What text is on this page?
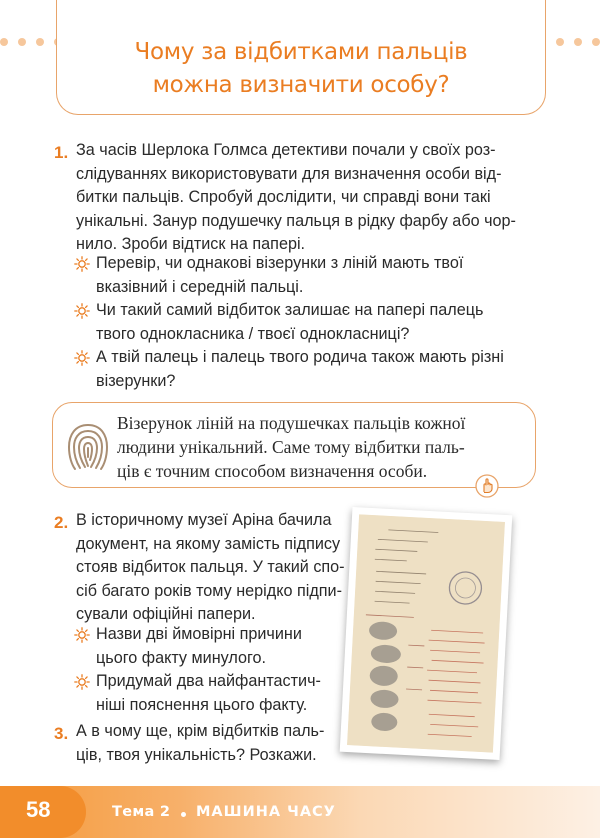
Чому за відбитками пальців
можна визначити особу?
1. За часів Шерлока Голмса детективи почали у своїх роз-
слідуваннях використовувати для визначення особи від-
битки пальців. Спробуй дослідити, чи справді вони такі
унікальні. Занур подушечку пальця в рідку фарбу або чор-
нило. Зроби відтиск на папері.
Перевір, чи однакові візерунки з ліній мають твої
вказівний і середній пальці.
Чи такий самий відбиток залишає на папері палець
твого однокласника / твоєї однокласниці?
А твій палець і палець твого родича також мають різні
візерунки?
Візерунок ліній на подушечках пальців кожної
людини унікальний. Саме тому відбитки паль-
ців є точним способом визначення особи.
2. В історичному музеї Аріна бачила
документ, на якому замість підпису
стояв відбиток пальця. У такий спо-
сіб багато років тому нерідко підпи-
сували офіційні папери.
Назви дві ймовірні причини
цього факту минулого.
Придумай два найфантастич-
ніші пояснення цього факту.
3. А в чому ще, крім відбитків паль-
ців, твоя унікальність? Розкажи.
58	Тема 2 МАШИНА ЧАСУ
